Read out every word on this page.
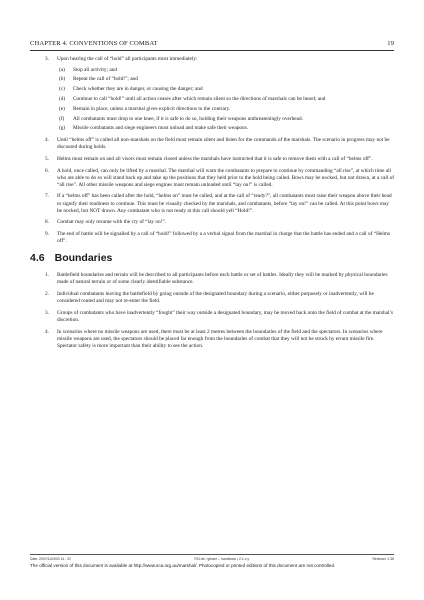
CHAPTER 4. CONVENTIONS OF COMBAT	19
3. Upon hearing the call of “hold” all participants must immediately:
(a) Stop all activity; and
(b) Repeat the call of “hold!”; and
(c) Check whether they are in danger, or causing the danger; and
(d) Continue to call “hold!” until all action ceases after which remain silent so the directions of marshals can be heard; and
(e) Remain in place, unless a marshal gives explicit directions to the contrary.
(f) All combatants must drop to one knee, if it is safe to do so, holding their weapons unthreateningly overhead.
(g) Missile combatants and siege engineers must unload and make safe their weapons.
4. Until “helms off” is called all non-marshals on the field must remain silent and listen for the commands of the marshals. The scenario in progress may not be discussed during holds.
5. Helms must remain on and all visors must remain closed unless the marshals have instructed that it is safe to remove them with a call of “helms off”.
6. A hold, once called, can only be lifted by a marshal. The marshal will warn the combatants to prepare to continue by commanding “all rise”, at which time all who are able to do so will stand back up and take up the positions that they held prior to the hold being called. Bows may be nocked, but not drawn, at a call of “all rise”. All other missile weapons and siege engines must remain unloaded until “lay on!” is called.
7. If a “helms off” has been called after the hold, “helms on” must be called, and at the call of “ready?”, all combatants must raise their weapon above their head to signify their readiness to continue. This must be visually checked by the marshals, and combatants, before “lay on!” can be called. At this point bows may be nocked, but NOT drawn. Any combatant who is not ready at this call should yell “Hold!”.
8. Combat may only resume with the cry of “lay on!”.
9. The end of battle will be signalled by a call of “hold!” followed by a a verbal signal from the marshal in charge that the battle has ended and a call of “Helms off”.
4.6 Boundaries
1. Battlefield boundaries and terrain will be described to all participants before each battle or set of battles. Ideally they will be marked by physical boundaries made of natural terrain or of some clearly identifiable substance.
2. Individual combatants leaving the battlefield by going outside of the designated boundary during a scenario, either purposely or inadvertently, will be considered routed and may not re-enter the field.
3. Groups of combatants who have inadvertently “fought” their way outside a designated boundary, may be moved back onto the field of combat at the marshal’s discretion.
4. In scenarios where no missile weapons are used, there must be at least 2 metres between the boundaries of the field and the spectators. In scenarios where missile weapons are used, the spectators should be placed far enough from the boundaries of combat that they will not be struck by errant missile fire. Spectator safety is more important than their ability to see the action.
Date: 2007/11/2003 14 : 22	RCLite / glnwm – handbook • 2.1.x.y	Revision: 1.38
The official version of this document is available at http://www.sca.org.au/marshal/. Photocopied or printed editions of this document are not controlled.
